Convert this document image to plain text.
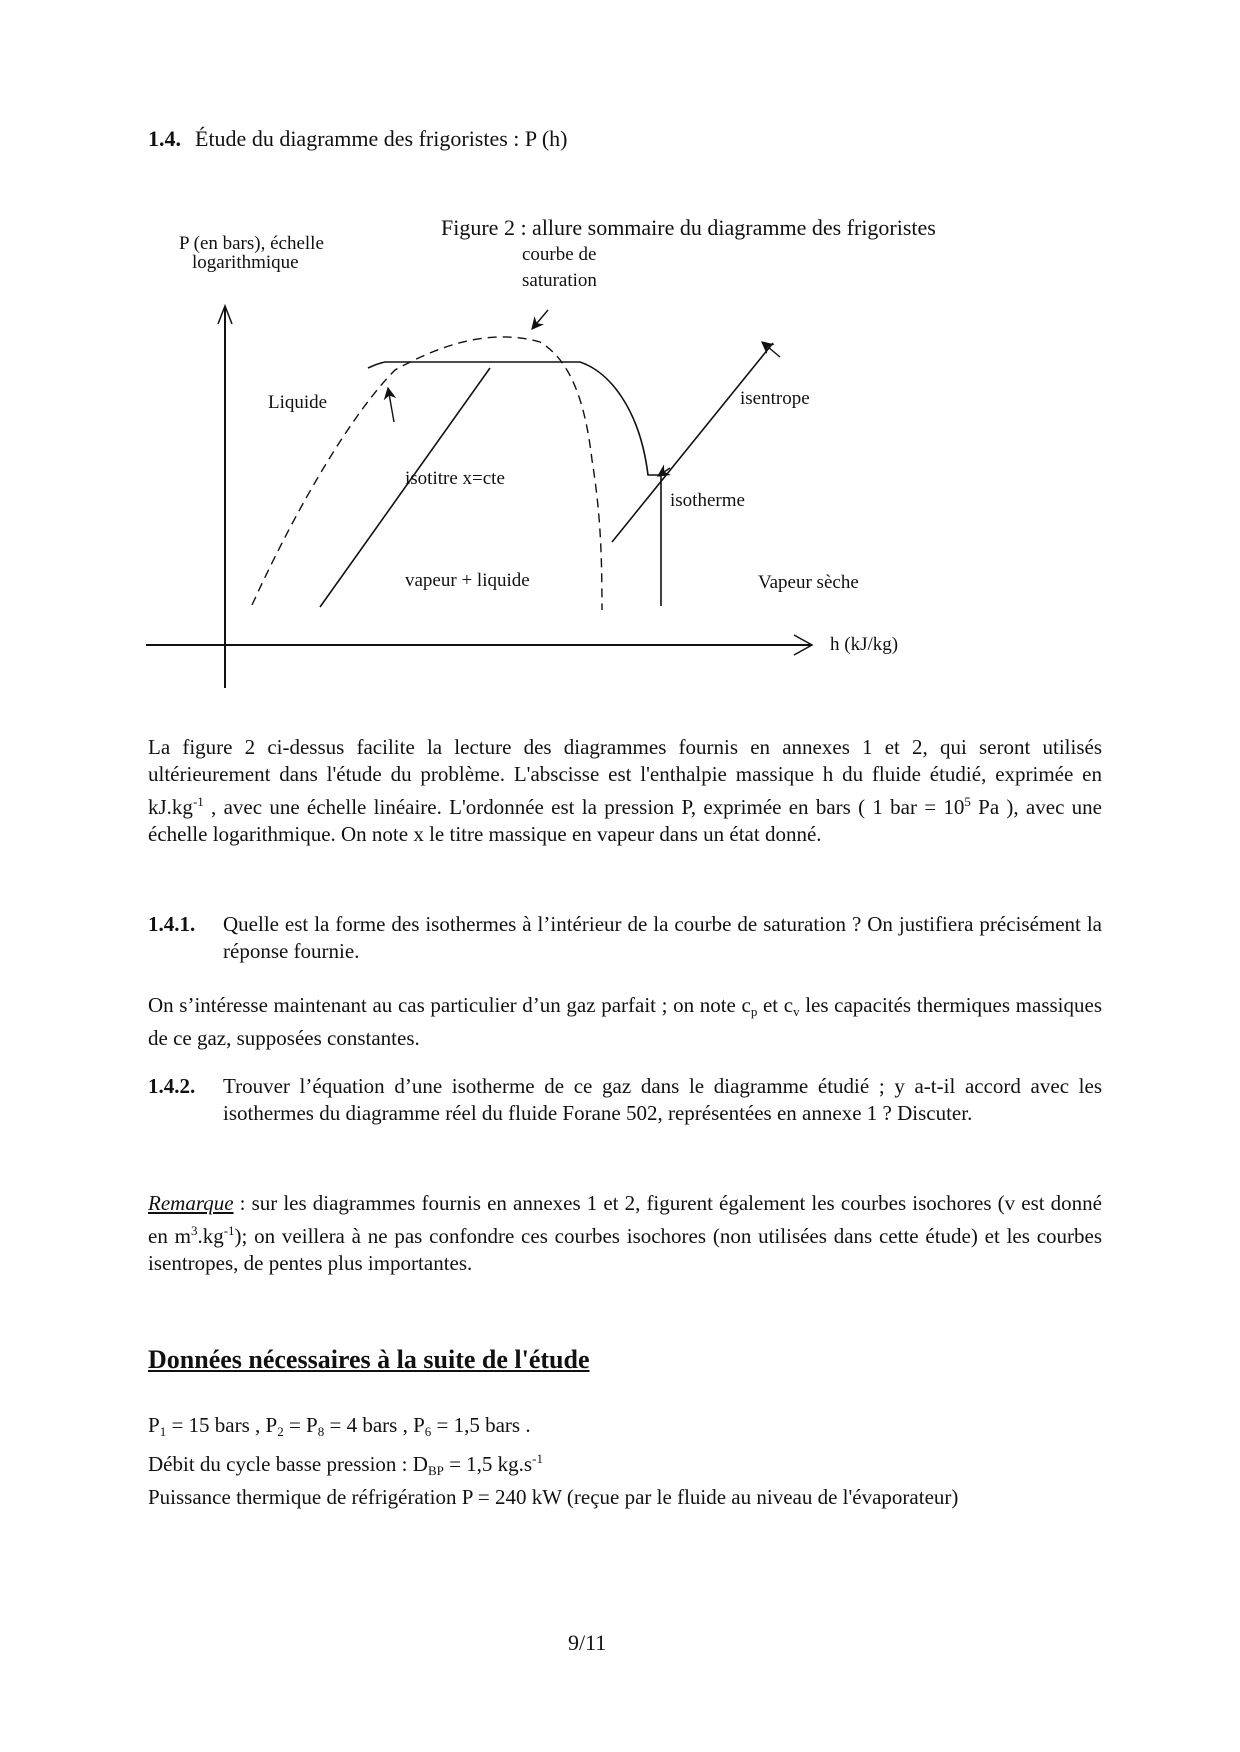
1.4. Étude du diagramme des frigoristes : P (h)
Figure 2 : allure sommaire du diagramme des frigoristes
P (en bars), échelle
logarithmique	courbe de
saturation
Liquide	isentrope
isotitre x=cte
isotherme
vapeur + liquide	Vapeur sèche
h (kJ/kg)
La figure 2 ci-dessus facilite la lecture des diagrammes fournis en annexes 1 et 2, qui seront utilisés ultérieurement dans l'étude du problème. L'abscisse est l'enthalpie massique h du fluide étudié, exprimée en $kJ.kg^{-1}$ , avec une échelle linéaire. L'ordonnée est la pression P, exprimée en bars ( 1 bar = $10^5$ Pa ), avec une échelle logarithmique. On note x le titre massique en vapeur dans un état donné.
1.4.1. Quelle est la forme des isothermes à l’intérieur de la courbe de saturation ? On justifiera précisément la réponse fournie.
On s’intéresse maintenant au cas particulier d’un gaz parfait ; on note $c_p$ et $c_v$ les capacités thermiques massiques de ce gaz, supposées constantes.
1.4.2. Trouver l’équation d’une isotherme de ce gaz dans le diagramme étudié ; y a-t-il accord avec les isothermes du diagramme réel du fluide Forane 502, représentées en annexe 1 ? Discuter.
Remarque : sur les diagrammes fournis en annexes 1 et 2, figurent également les courbes isochores (v est donné en $m^3.kg^{-1}$); on veillera à ne pas confondre ces courbes isochores (non utilisées dans cette étude) et les courbes isentropes, de pentes plus importantes.
Données nécessaires à la suite de l'étude
$P_1 = 15$ bars , $P_2 = P_8 = 4$ bars , $P_6 = 1,5$ bars .
Débit du cycle basse pression : $D_{BP} = 1,5$ $kg.s^{-1}$
Puissance thermique de réfrigération P = 240 kW (reçue par le fluide au niveau de l'évaporateur)
9/11
